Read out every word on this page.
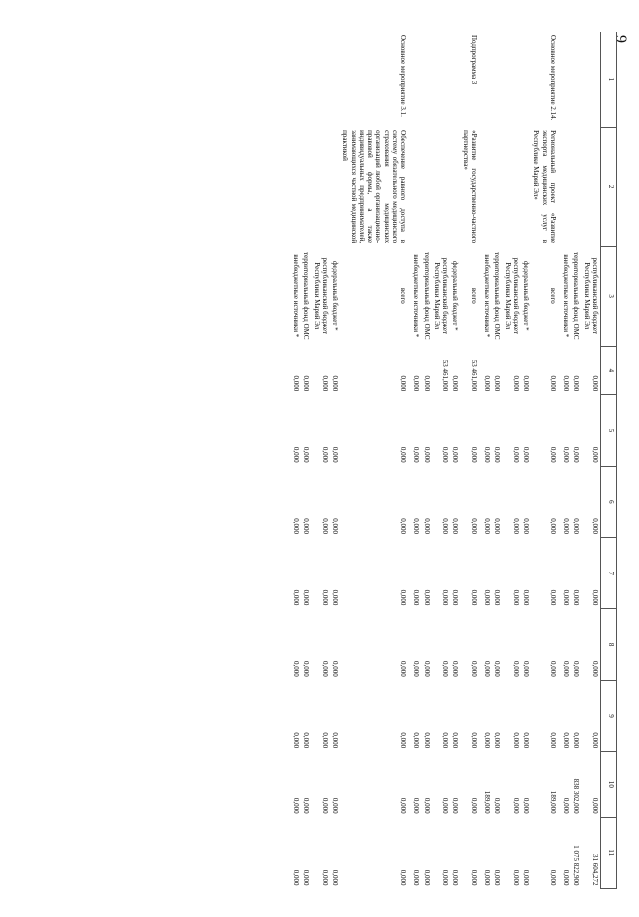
9
1	2	3	4	5	6	7	8	9	10	11
		республиканский бюджет Республики Марий Эл	0,000	0,000	0,000	0,000	0,000	0,000	0,000	31 604,272
		территориальный фонд ОМС	0,000	0,000	0,000	0,000	0,000	0,000	838 302,000	1 075 822,900
		внебюджетные источники *	0,000	0,000	0,000	0,000	0,000	0,000	0,000	0,000
Основное мероприятие 2.14.	Региональный проект «Развитие экспорта медицинских услуг в Республике Марий Эл»	всего	0,000	0,000	0,000	0,000	0,000	0,000	189,000	0,000
		федеральный бюджет *	0,000	0,000	0,000	0,000	0,000	0,000	0,000	0,000
		республиканский бюджет Республики Марий Эл	0,000	0,000	0,000	0,000	0,000	0,000	0,000	0,000
		территориальный фонд ОМС	0,000	0,000	0,000	0,000	0,000	0,000	0,000	0,000
		внебюджетные источники *	0,000	0,000	0,000	0,000	0,000	0,000	189,000	0,000
Подпрограмма 3	«Развитие государственно-частного партнерства»	всего	53 461,000	0,000	0,000	0,000	0,000	0,000	0,000	0,000
		федеральный бюджет *	0,000	0,000	0,000	0,000	0,000	0,000	0,000	0,000
		республиканский бюджет Республики Марий Эл	53 461,000	0,000	0,000	0,000	0,000	0,000	0,000	0,000
		территориальный фонд ОМС	0,000	0,000	0,000	0,000	0,000	0,000	0,000	0,000
		внебюджетные источники *	0,000	0,000	0,000	0,000	0,000	0,000	0,000	0,000
Основное мероприятие 3.1.	Обеспечение равного доступа в систему обязательного медицинского страхования медицинских организаций любой организационно-правовой формы, а также индивидуальных предпринимателей, занимающихся частной медицинской практикой	всего	0,000	0,000	0,000	0,000	0,000	0,000	0,000	0,000
		федеральный бюджет *	0,000	0,000	0,000	0,000	0,000	0,000	0,000	0,000
		республиканский бюджет Республики Марий Эл	0,000	0,000	0,000	0,000	0,000	0,000	0,000	0,000
		территориальный фонд ОМС	0,000	0,000	0,000	0,000	0,000	0,000	0,000	0,000
		внебюджетные источники *	0,000	0,000	0,000	0,000	0,000	0,000	0,000	0,000
